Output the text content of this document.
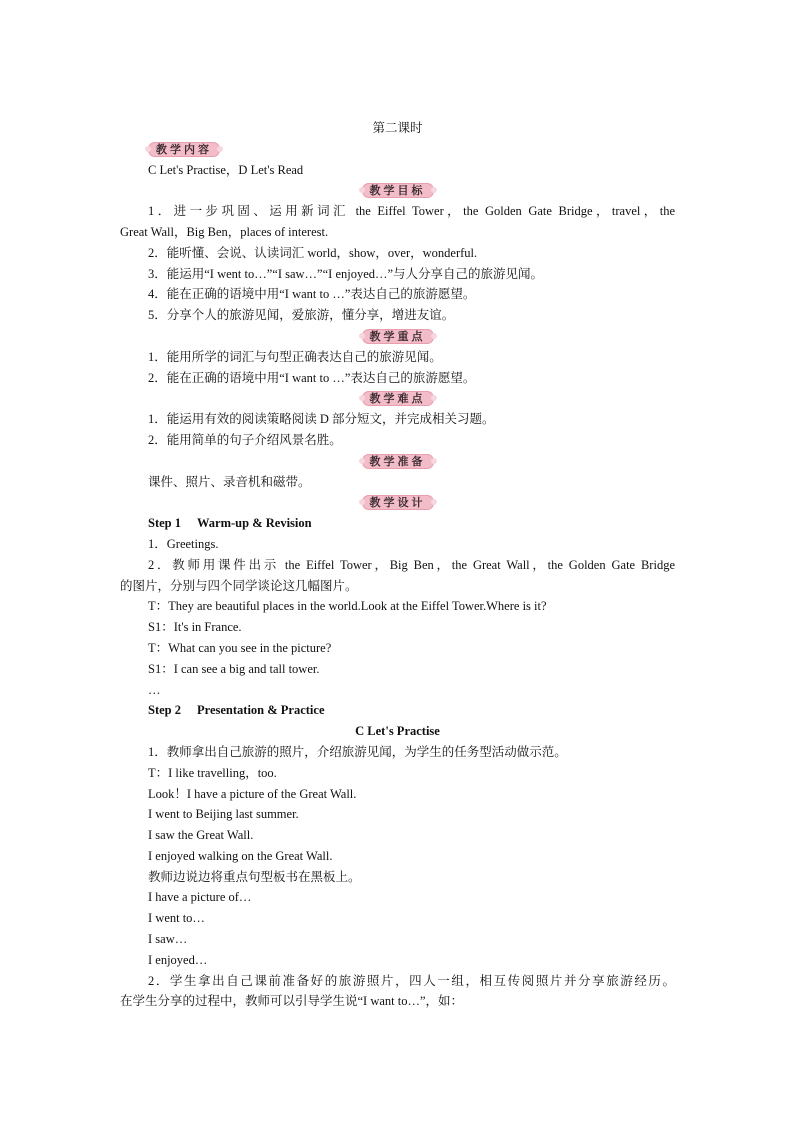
第二课时
教学内容
C Let's Practise，D Let's Read
教学目标
1．进一步巩固、运用新词汇 the Eiffel Tower，the Golden Gate Bridge，travel，the
Great Wall，Big Ben，places of interest.
2．能听懂、会说、认读词汇 world，show，over，wonderful.
3．能运用“I went to…”“I saw…”“I enjoyed…”与人分享自己的旅游见闻。
4．能在正确的语境中用“I want to …”表达自己的旅游愿望。
5．分享个人的旅游见闻，爱旅游，懂分享，增进友谊。
教学重点
1．能用所学的词汇与句型正确表达自己的旅游见闻。
2．能在正确的语境中用“I want to …”表达自己的旅游愿望。
教学难点
1．能运用有效的阅读策略阅读 D 部分短文，并完成相关习题。
2．能用简单的句子介绍风景名胜。
教学准备
课件、照片、录音机和磁带。
教学设计
Step 1 Warm-up & Revision
1．Greetings.
2．教师用课件出示 the Eiffel Tower，Big Ben，the Great Wall，the Golden Gate Bridge
的图片，分别与四个同学谈论这几幅图片。
T：They are beautiful places in the world.Look at the Eiffel Tower.Where is it?
S1：It's in France.
T：What can you see in the picture?
S1：I can see a big and tall tower.
…
Step 2 Presentation & Practice
C Let's Practise
1．教师拿出自己旅游的照片，介绍旅游见闻，为学生的任务型活动做示范。
T：I like travelling，too.
Look！I have a picture of the Great Wall.
I went to Beijing last summer.
I saw the Great Wall.
I enjoyed walking on the Great Wall.
教师边说边将重点句型板书在黑板上。
I have a picture of…
I went to…
I saw…
I enjoyed…
2．学生拿出自己课前准备好的旅游照片，四人一组，相互传阅照片并分享旅游经历。
在学生分享的过程中，教师可以引导学生说“I want to…”，如：
